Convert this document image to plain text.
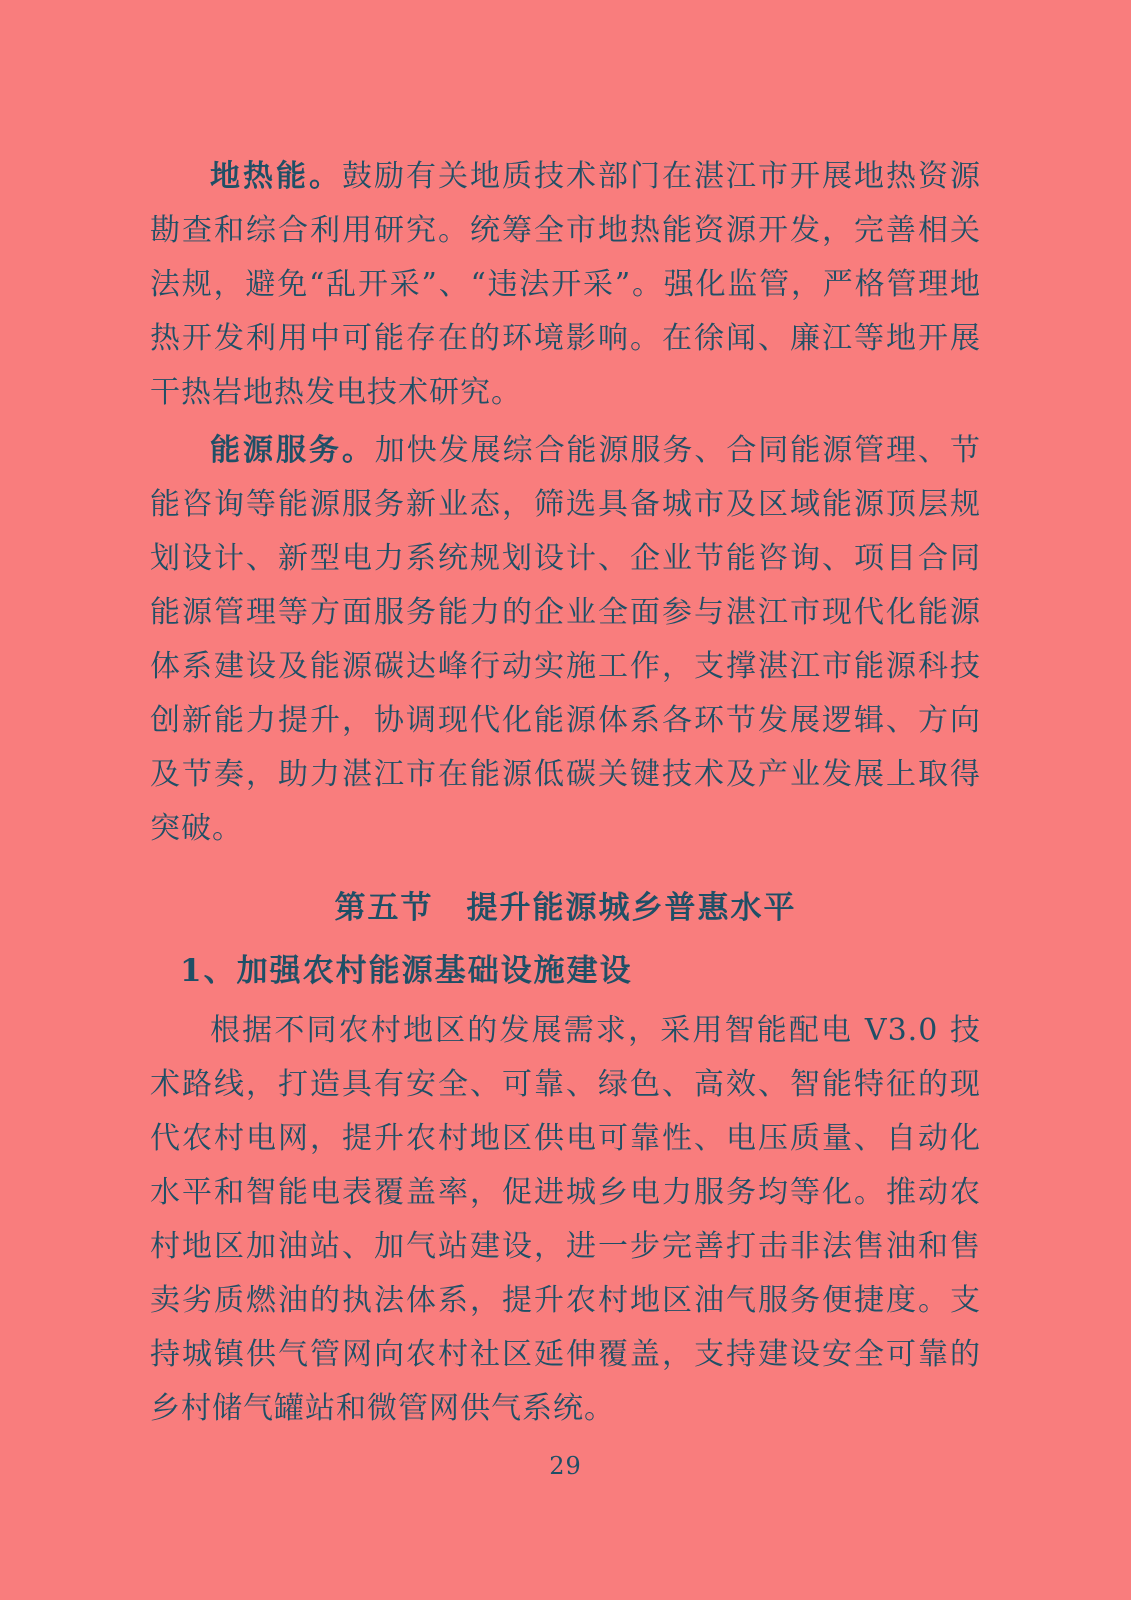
地热能。鼓励有关地质技术部门在湛江市开展地热资源勘查和综合利用研究。统筹全市地热能资源开发，完善相关法规，避免“乱开采”、“违法开采”。强化监管，严格管理地热开发利用中可能存在的环境影响。在徐闻、廉江等地开展干热岩地热发电技术研究。

能源服务。加快发展综合能源服务、合同能源管理、节能咨询等能源服务新业态，筛选具备城市及区域能源顶层规划设计、新型电力系统规划设计、企业节能咨询、项目合同能源管理等方面服务能力的企业全面参与湛江市现代化能源体系建设及能源碳达峰行动实施工作，支撑湛江市能源科技创新能力提升，协调现代化能源体系各环节发展逻辑、方向及节奏，助力湛江市在能源低碳关键技术及产业发展上取得突破。

第五节　提升能源城乡普惠水平
1、加强农村能源基础设施建设

根据不同农村地区的发展需求，采用智能配电 V3.0 技术路线，打造具有安全、可靠、绿色、高效、智能特征的现代农村电网，提升农村地区供电可靠性、电压质量、自动化水平和智能电表覆盖率，促进城乡电力服务均等化。推动农村地区加油站、加气站建设，进一步完善打击非法售油和售卖劣质燃油的执法体系，提升农村地区油气服务便捷度。支持城镇供气管网向农村社区延伸覆盖，支持建设安全可靠的乡村储气罐站和微管网供气系统。

29
